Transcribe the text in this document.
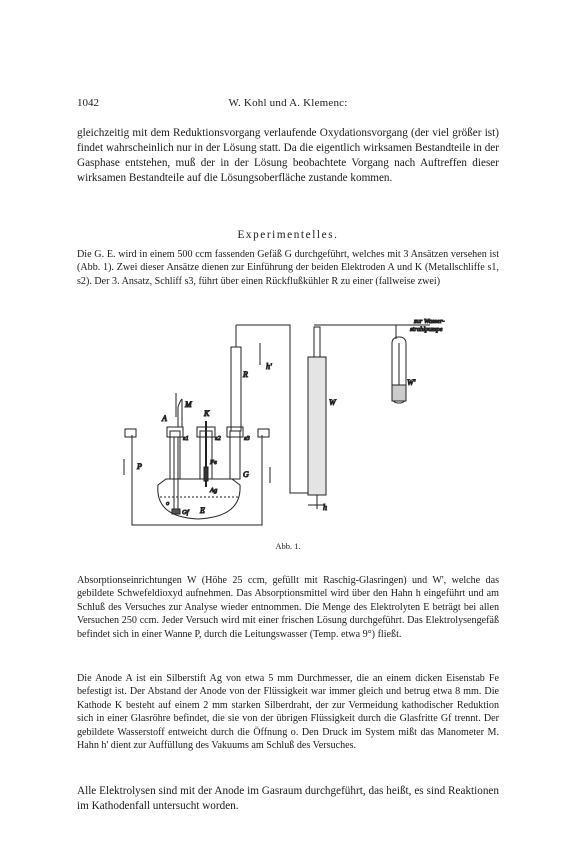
1042	W. Kohl und A. Klemenc:

gleichzeitig mit dem Reduktionsvorgang verlaufende Oxydationsvorgang (der viel größer ist) findet wahrscheinlich nur in der Lösung statt. Da die eigentlich wirksamen Bestandteile in der Gasphase entstehen, muß der in der Lösung beobachtete Vorgang nach Auftreffen dieser wirksamen Bestandteile auf die Lösungsoberfläche zustande kommen.

Experimentelles.

Die G. E. wird in einem 500 ccm fassenden Gefäß G durchgeführt, welches mit 3 Ansätzen versehen ist (Abb. 1). Zwei dieser Ansätze dienen zur Einführung der beiden Elektroden A und K (Metallschliffe s1, s2). Der 3. Ansatz, Schliff s3, führt über einen Rückflußkühler R zu einer (fallweise zwei)

zur Wasser-
strahlpumpe
h'
h
R
W
W'
M
K
A
s1	s2	s3
Fe
Ag
G
P
Gf E
o
Abb. 1.

Absorptionseinrichtungen W (Höhe 25 ccm, gefüllt mit Raschig-Glasringen) und W', welche das gebildete Schwefeldioxyd aufnehmen. Das Absorptionsmittel wird über den Hahn h eingeführt und am Schluß des Versuches zur Analyse wieder entnommen. Die Menge des Elektrolyten E beträgt bei allen Versuchen 250 ccm. Jeder Versuch wird mit einer frischen Lösung durchgeführt. Das Elektrolysengefäß befindet sich in einer Wanne P, durch die Leitungswasser (Temp. etwa 9°) fließt.

Die Anode A ist ein Silberstift Ag von etwa 5 mm Durchmesser, die an einem dicken Eisenstab Fe befestigt ist. Der Abstand der Anode von der Flüssigkeit war immer gleich und betrug etwa 8 mm. Die Kathode K besteht auf einem 2 mm starken Silberdraht, der zur Vermeidung kathodischer Reduktion sich in einer Glasröhre befindet, die sie von der übrigen Flüssigkeit durch die Glasfritte Gf trennt. Der gebildete Wasserstoff entweicht durch die Öffnung o. Den Druck im System mißt das Manometer M. Hahn h' dient zur Auffüllung des Vakuums am Schluß des Versuches.

Alle Elektrolysen sind mit der Anode im Gasraum durchgeführt, das heißt, es sind Reaktionen im Kathodenfall untersucht worden.
